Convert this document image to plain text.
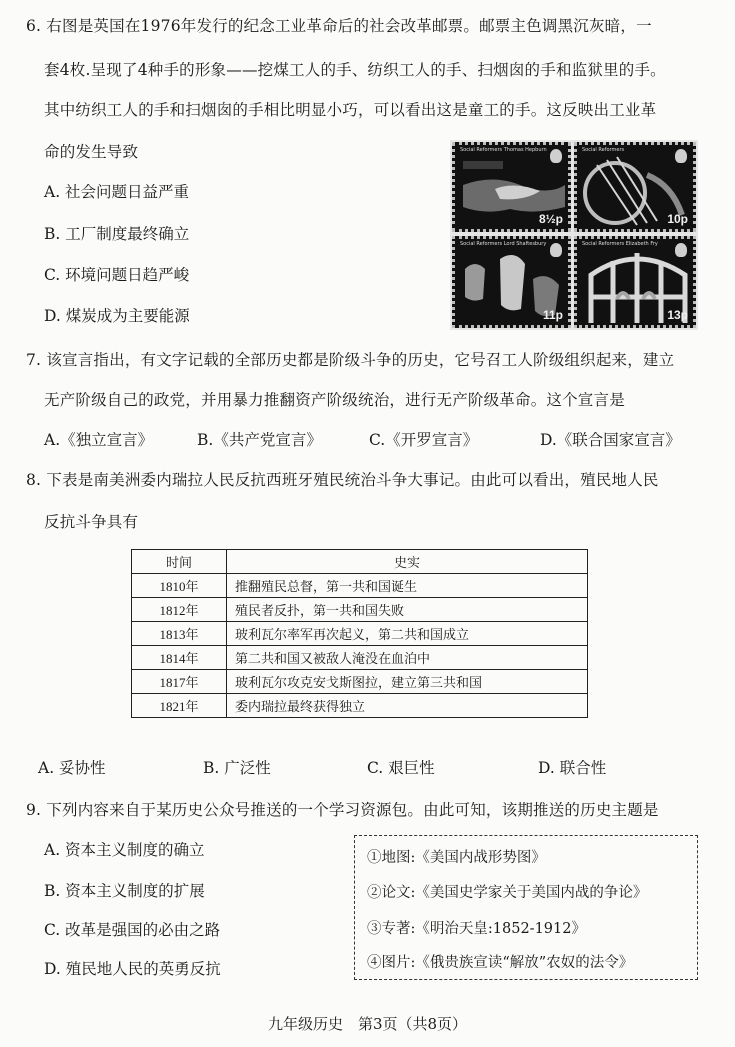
6. 右图是英国在1976年发行的纪念工业革命后的社会改革邮票。邮票主色调黑沉灰暗，一
套4枚.呈现了4种手的形象——挖煤工人的手、纺织工人的手、扫烟囱的手和监狱里的手。
其中纺织工人的手和扫烟囱的手相比明显小巧，可以看出这是童工的手。这反映出工业革
命的发生导致
A. 社会问题日益严重
B. 工厂制度最终确立
C. 环境问题日趋严峻
D. 煤炭成为主要能源
Social Reformers Thomas Hepburn
8½p
Social Reformers
10p
Social Reformers Lord Shaftesbury
11p
Social Reformers Elizabeth Fry
13p
7. 该宣言指出，有文字记载的全部历史都是阶级斗争的历史，它号召工人阶级组织起来，建立
无产阶级自己的政党，并用暴力推翻资产阶级统治，进行无产阶级革命。这个宣言是
A.《独立宣言》	B.《共产党宣言》	C.《开罗宣言》	D.《联合国家宣言》
8. 下表是南美洲委内瑞拉人民反抗西班牙殖民统治斗争大事记。由此可以看出，殖民地人民
反抗斗争具有
时间	史实
1810年	推翻殖民总督，第一共和国诞生
1812年	殖民者反扑，第一共和国失败
1813年	玻利瓦尔率军再次起义，第二共和国成立
1814年	第二共和国又被敌人淹没在血泊中
1817年	玻利瓦尔攻克安戈斯图拉，建立第三共和国
1821年	委内瑞拉最终获得独立
A. 妥协性	B. 广泛性	C. 艰巨性	D. 联合性
9. 下列内容来自于某历史公众号推送的一个学习资源包。由此可知，该期推送的历史主题是
A. 资本主义制度的确立
B. 资本主义制度的扩展
C. 改革是强国的必由之路
D. 殖民地人民的英勇反抗
①地图:《美国内战形势图》
②论文:《美国史学家关于美国内战的争论》
③专著:《明治天皇:1852-1912》
④图片:《俄贵族宣读“解放”农奴的法令》
九年级历史　第3页（共8页）
